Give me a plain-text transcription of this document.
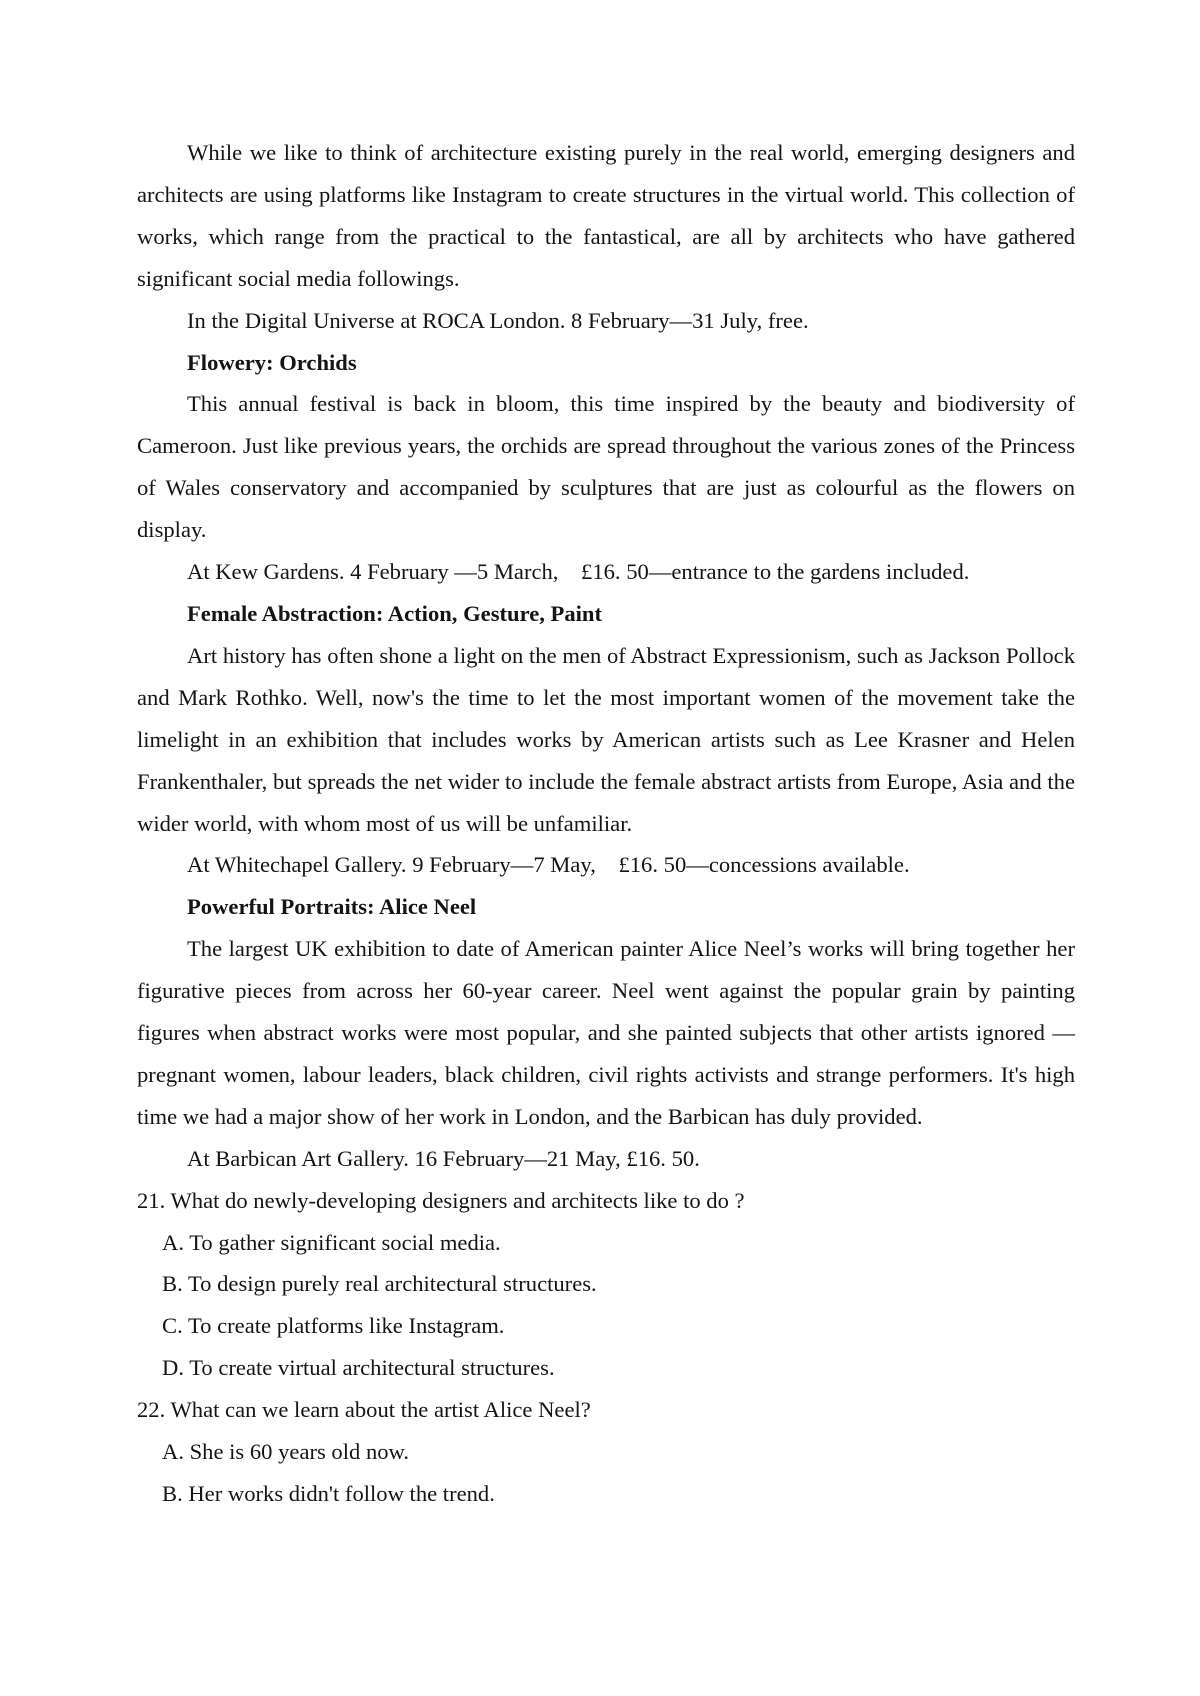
While we like to think of architecture existing purely in the real world, emerging designers and architects are using platforms like Instagram to create structures in the virtual world. This collection of works, which range from the practical to the fantastical, are all by architects who have gathered significant social media followings.

In the Digital Universe at ROCA London. 8 February—31 July, free.

Flowery: Orchids

This annual festival is back in bloom, this time inspired by the beauty and biodiversity of Cameroon. Just like previous years, the orchids are spread throughout the various zones of the Princess of Wales conservatory and accompanied by sculptures that are just as colourful as the flowers on display.

At Kew Gardens. 4 February —5 March,    £16. 50—entrance to the gardens included.

Female Abstraction: Action, Gesture, Paint

Art history has often shone a light on the men of Abstract Expressionism, such as Jackson Pollock and Mark Rothko. Well, now's the time to let the most important women of the movement take the limelight in an exhibition that includes works by American artists such as Lee Krasner and Helen Frankenthaler, but spreads the net wider to include the female abstract artists from Europe, Asia and the wider world, with whom most of us will be unfamiliar.

At Whitechapel Gallery. 9 February—7 May,    £16. 50—concessions available.

Powerful Portraits: Alice Neel

The largest UK exhibition to date of American painter Alice Neel’s works will bring together her figurative pieces from across her 60-year career. Neel went against the popular grain by painting figures when abstract works were most popular, and she painted subjects that other artists ignored — pregnant women, labour leaders, black children, civil rights activists and strange performers. It's high time we had a major show of her work in London, and the Barbican has duly provided.

At Barbican Art Gallery. 16 February—21 May, £16. 50.

21. What do newly-developing designers and architects like to do ?

A. To gather significant social media.

B. To design purely real architectural structures.

C. To create platforms like Instagram.

D. To create virtual architectural structures.

22. What can we learn about the artist Alice Neel?

A. She is 60 years old now.

B. Her works didn't follow the trend.
